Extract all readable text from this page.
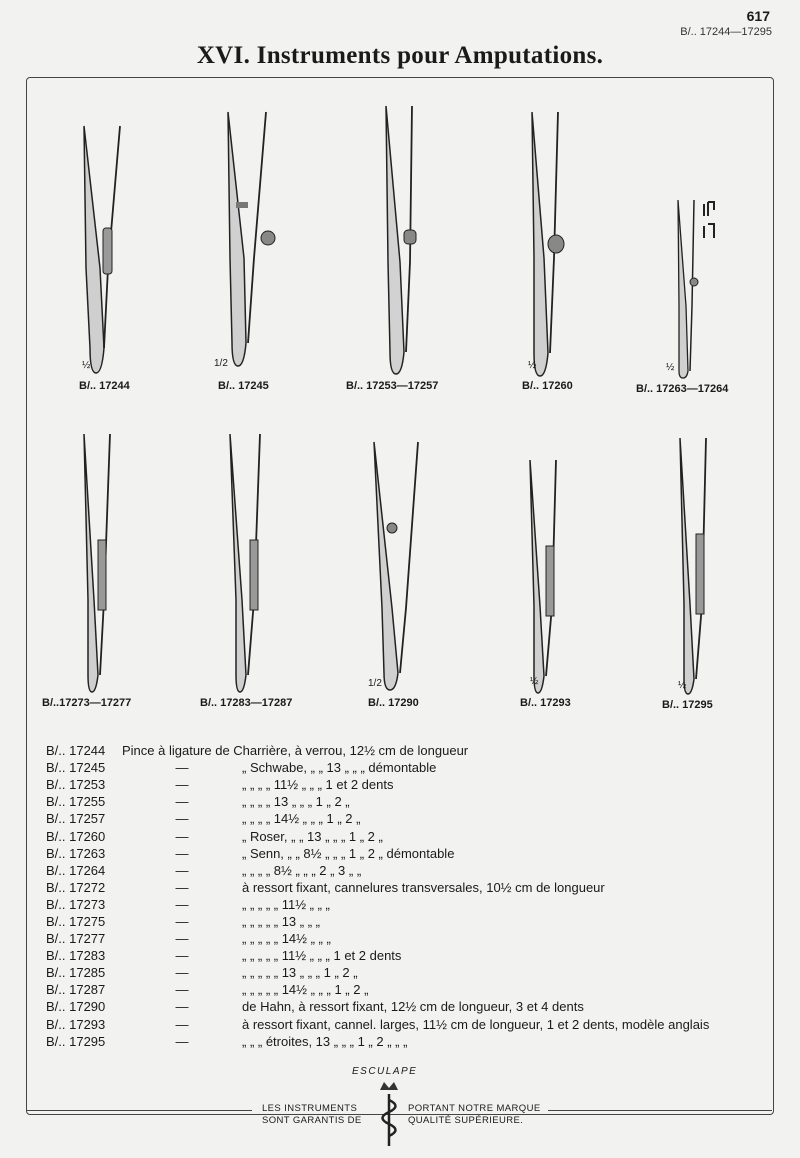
617
B/.. 17244—17295
XVI. Instruments pour Amputations.
B/.. 17244
½
B/.. 17245
1/2
B/.. 17253—17257	B/.. 17260
½
B/.. 17263—17264
½
B/..17273—17277	B/.. 17283—17287	B/.. 17290
1/2
B/.. 17293
½
B/.. 17295
½
B/.. 17244	Pince à ligature de Charrière, à verrou, 12½ cm de longueur	
B/.. 17245	—	„ Schwabe, „ „ 13 „ „ „ démontable
B/.. 17253	—	„ „ „ „ 11½ „ „ „ 1 et 2 dents
B/.. 17255	—	„ „ „ „ 13 „ „ „ 1 „ 2 „
B/.. 17257	—	„ „ „ „ 14½ „ „ „ 1 „ 2 „
B/.. 17260	—	„ Roser, „ „ 13 „ „ „ 1 „ 2 „
B/.. 17263	—	„ Senn, „ „ 8½ „ „ „ 1 „ 2 „ démontable
B/.. 17264	—	„ „ „ „ 8½ „ „ „ 2 „ 3 „ „
B/.. 17272	—	à ressort fixant, cannelures transversales, 10½ cm de longueur
B/.. 17273	—	„ „ „ „ „ 11½ „ „ „
B/.. 17275	—	„ „ „ „ „ 13 „ „ „
B/.. 17277	—	„ „ „ „ „ 14½ „ „ „
B/.. 17283	—	„ „ „ „ „ 11½ „ „ „ 1 et 2 dents
B/.. 17285	—	„ „ „ „ „ 13 „ „ „ 1 „ 2 „
B/.. 17287	—	„ „ „ „ „ 14½ „ „ „ 1 „ 2 „
B/.. 17290	—	de Hahn, à ressort fixant, 12½ cm de longueur, 3 et 4 dents
B/.. 17293	—	à ressort fixant, cannel. larges, 11½ cm de longueur, 1 et 2 dents, modèle anglais
B/.. 17295	—	„ „ „ étroites, 13 „ „ „ 1 „ 2 „ „ „
ESCULAPE
LES INSTRUMENTS
SONT GARANTIS DE
PORTANT NOTRE MARQUE
QUALITÉ SUPÉRIEURE.
